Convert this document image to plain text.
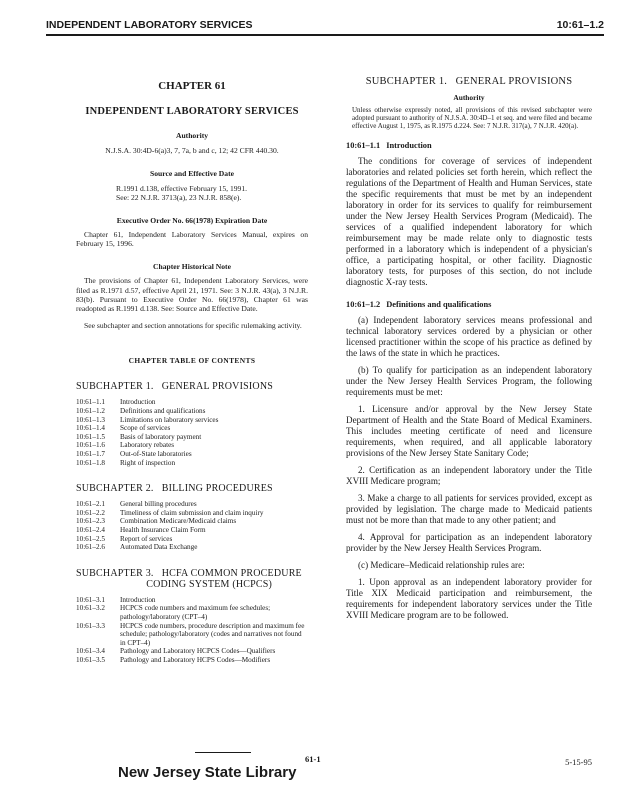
INDEPENDENT LABORATORY SERVICES	10:61–1.2
CHAPTER 61
INDEPENDENT LABORATORY SERVICES
Authority
N.J.S.A. 30:4D-6(a)3, 7, 7a, b and c, 12; 42 CFR 440.30.
Source and Effective Date
R.1991 d.138, effective February 15, 1991.
See: 22 N.J.R. 3713(a), 23 N.J.R. 858(e).
Executive Order No. 66(1978) Expiration Date
Chapter 61, Independent Laboratory Services Manual, expires on February 15, 1996.
Chapter Historical Note
The provisions of Chapter 61, Independent Laboratory Services, were filed as R.1971 d.57, effective April 21, 1971. See: 3 N.J.R. 43(a), 3 N.J.R. 83(b). Pursuant to Executive Order No. 66(1978), Chapter 61 was readopted as R.1991 d.138. See: Source and Effective Date.
See subchapter and section annotations for specific rulemaking activity.
CHAPTER TABLE OF CONTENTS
SUBCHAPTER 1.   GENERAL PROVISIONS
10:61–1.1	Introduction
10:61–1.2	Definitions and qualifications
10:61–1.3	Limitations on laboratory services
10:61–1.4	Scope of services
10:61–1.5	Basis of laboratory payment
10:61–1.6	Laboratory rebates
10:61–1.7	Out-of-State laboratories
10:61–1.8	Right of inspection
SUBCHAPTER 2.   BILLING PROCEDURES
10:61–2.1	General billing procedures
10:61–2.2	Timeliness of claim submission and claim inquiry
10:61–2.3	Combination Medicare/Medicaid claims
10:61–2.4	Health Insurance Claim Form
10:61–2.5	Report of services
10:61–2.6	Automated Data Exchange
SUBCHAPTER 3.   HCFA COMMON PROCEDURE
CODING SYSTEM (HCPCS)
10:61–3.1	Introduction
10:61–3.2	HCPCS code numbers and maximum fee schedules; pathology/laboratory (CPT–4)
10:61–3.3	HCPCS code numbers, procedure description and maximum fee schedule; pathology/laboratory (codes and narratives not found in CPT–4)
10:61–3.4	Pathology and Laboratory HCPCS Codes—Qualifiers
10:61–3.5	Pathology and Laboratory HCPS Codes—Modifiers
SUBCHAPTER 1.   GENERAL PROVISIONS
Authority
Unless otherwise expressly noted, all provisions of this revised subchapter were adopted pursuant to authority of N.J.S.A. 30:4D–1 et seq. and were filed and became effective August 1, 1975, as R.1975 d.224. See: 7 N.J.R. 317(a), 7 N.J.R. 420(a).
10:61–1.1 Introduction
The conditions for coverage of services of independent laboratories and related policies set forth herein, which reflect the regulations of the Department of Health and Human Services, state the specific requirements that must be met by an independent laboratory in order for its services to qualify for reimbursement under the New Jersey Health Services Program (Medicaid). The services of a qualified independent laboratory for which reimbursement may be made relate only to diagnostic tests performed in a laboratory which is independent of a physician's office, a participating hospital, or other facility. Diagnostic laboratory tests, for purposes of this section, do not include diagnostic X-ray tests.
10:61–1.2 Definitions and qualifications
(a) Independent laboratory services means professional and technical laboratory services ordered by a physician or other licensed practitioner within the scope of his practice as defined by the laws of the state in which he practices.
(b) To qualify for participation as an independent laboratory under the New Jersey Health Services Program, the following requirements must be met:
1. Licensure and/or approval by the New Jersey State Department of Health and the State Board of Medical Examiners. This includes meeting certificate of need and licensure requirements, when required, and all applicable laboratory provisions of the New Jersey State Sanitary Code;
2. Certification as an independent laboratory under the Title XVIII Medicare program;
3. Make a charge to all patients for services provided, except as provided by legislation. The charge made to Medicaid patients must not be more than that made to any other patient; and
4. Approval for participation as an independent laboratory provider by the New Jersey Health Services Program.
(c) Medicare–Medicaid relationship rules are:
1. Upon approval as an independent laboratory provider for Title XIX Medicaid participation and reimbursement, the requirements for independent laboratory services under the Title XVIII Medicare program are to be followed.
New Jersey State Library
61-1	5-15-95
